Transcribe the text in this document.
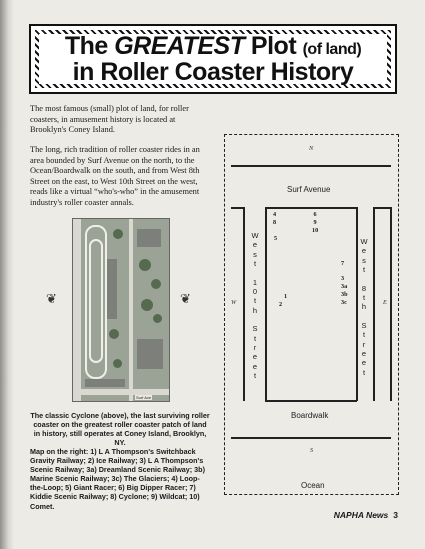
The GREATEST Plot (of land)
in Roller Coaster History
The most famous (small) plot of land, for roller coasters, in amusement history is located at Brooklyn's Coney Island.
The long, rich tradition of roller coaster rides in an area bounded by Surf Avenue on the north, to the Ocean/Boardwalk on the south, and from West 8th Street on the east, to West 10th Street on the west, reads like a virtual “who's-who” in the amusement industry's roller coaster annals.
❦	❦
Surf Ave
The classic Cyclone (above), the last surviving roller coaster on the greatest roller coaster patch of land in history, still operates at Coney Island, Brooklyn, NY.
Map on the right: 1) L A Thompson's Switchback Gravity Railway; 2) Ice Railway; 3) L A Thompson's Scenic Railway; 3a) Dreamland Scenic Railway; 3b) Marine Scenic Railway; 3c) The Glaciers; 4) Loop-the-Loop; 5) Giant Racer; 6) Big Dipper Racer; 7) Kiddie Scenic Railway; 8) Cyclone; 9) Wildcat; 10) Comet.
N
Surf Avenue
W
e
s
t
1
0
t
h
S
t
r
e
e
t
W
e
s
t
8
t
h
S
t
r
e
e
t
W	E
4
8
5
6
9
10
7
3
3a
3b
3c
1
2
Boardwalk
S
Ocean
NAPHA News 3
